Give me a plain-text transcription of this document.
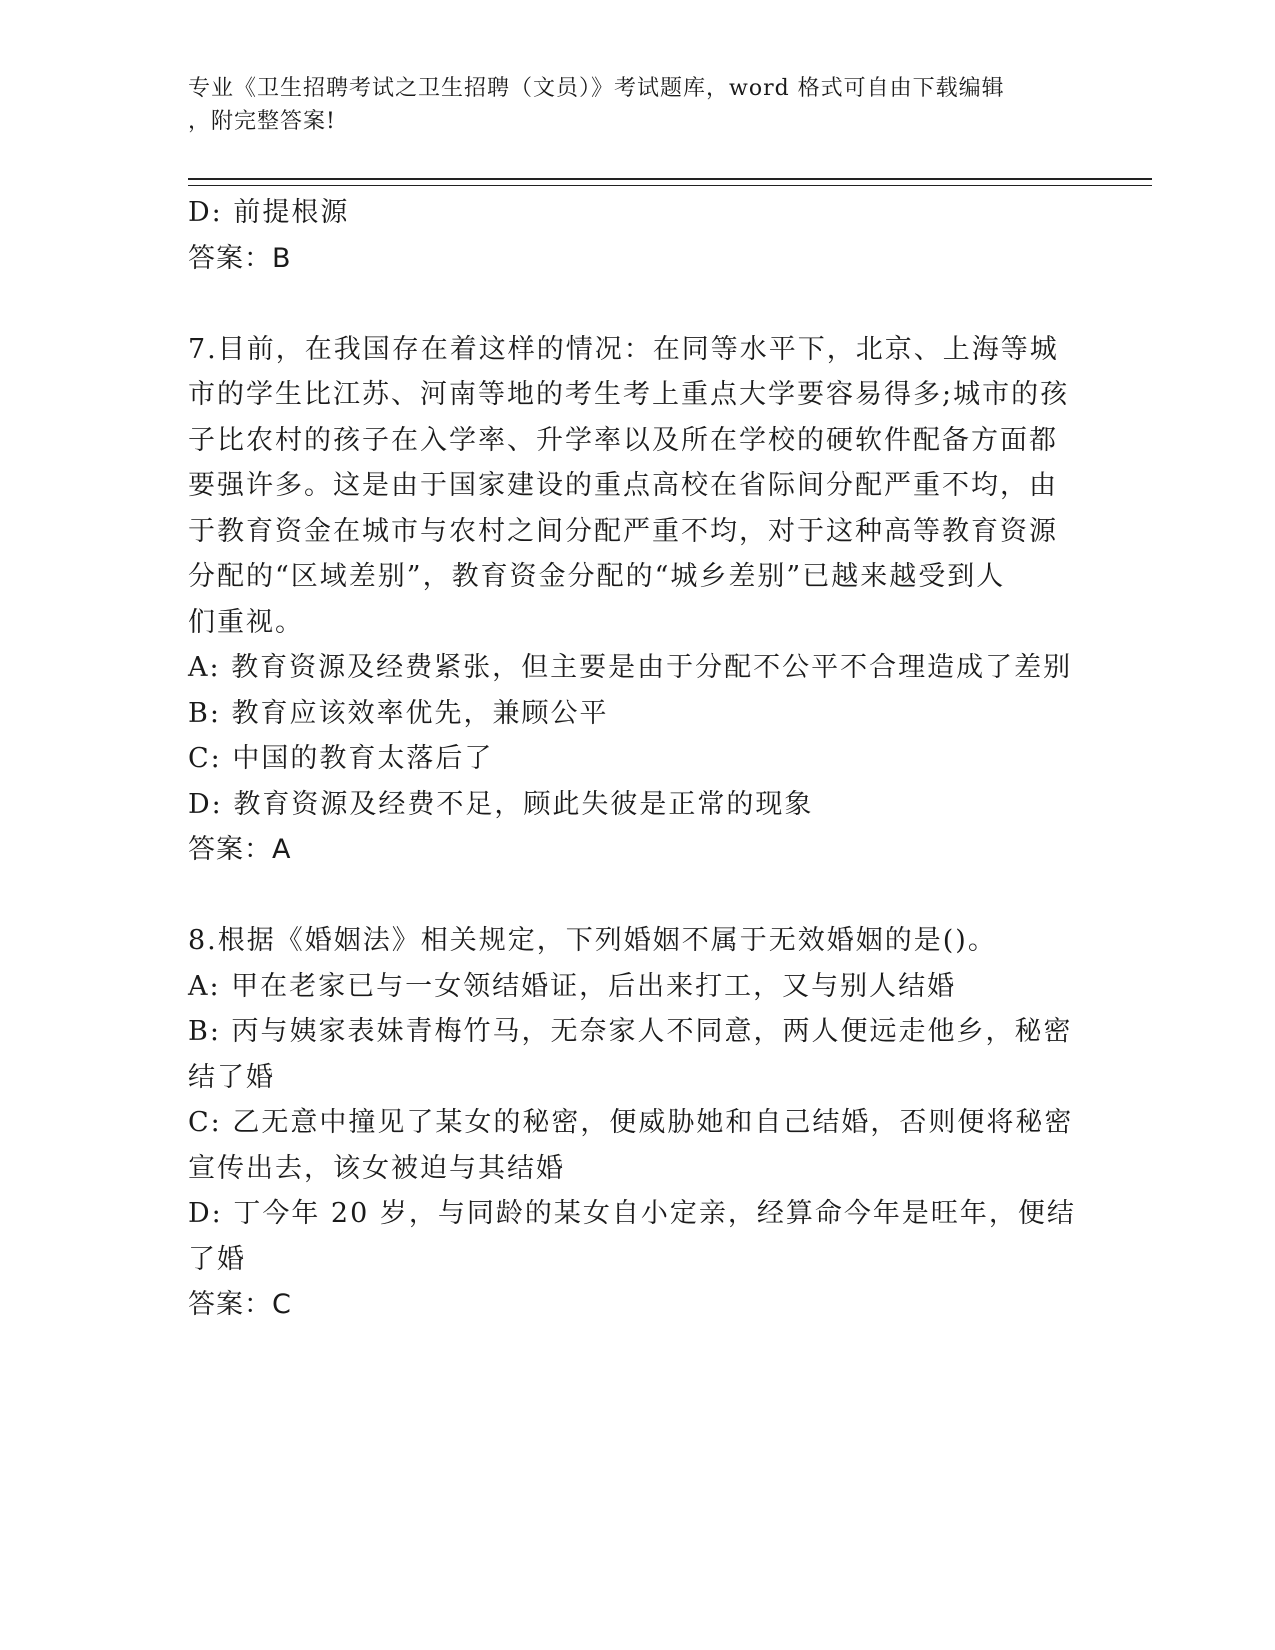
专业《卫生招聘考试之卫生招聘（文员）》考试题库，word 格式可自由下载编辑
，附完整答案!
D: 前提根源
答案：B
7.目前，在我国存在着这样的情况：在同等水平下，北京、上海等城
市的学生比江苏、河南等地的考生考上重点大学要容易得多;城市的孩
子比农村的孩子在入学率、升学率以及所在学校的硬软件配备方面都
要强许多。这是由于国家建设的重点高校在省际间分配严重不均，由
于教育资金在城市与农村之间分配严重不均，对于这种高等教育资源
分配的“区域差别”，教育资金分配的“城乡差别”已越来越受到人
们重视。
A: 教育资源及经费紧张，但主要是由于分配不公平不合理造成了差别
B: 教育应该效率优先，兼顾公平
C: 中国的教育太落后了
D: 教育资源及经费不足，顾此失彼是正常的现象
答案：A
8.根据《婚姻法》相关规定，下列婚姻不属于无效婚姻的是()。
A: 甲在老家已与一女领结婚证，后出来打工，又与别人结婚
B: 丙与姨家表妹青梅竹马，无奈家人不同意，两人便远走他乡，秘密
结了婚
C: 乙无意中撞见了某女的秘密，便威胁她和自己结婚，否则便将秘密
宣传出去，该女被迫与其结婚
D: 丁今年 20 岁，与同龄的某女自小定亲，经算命今年是旺年，便结
了婚
答案：C
